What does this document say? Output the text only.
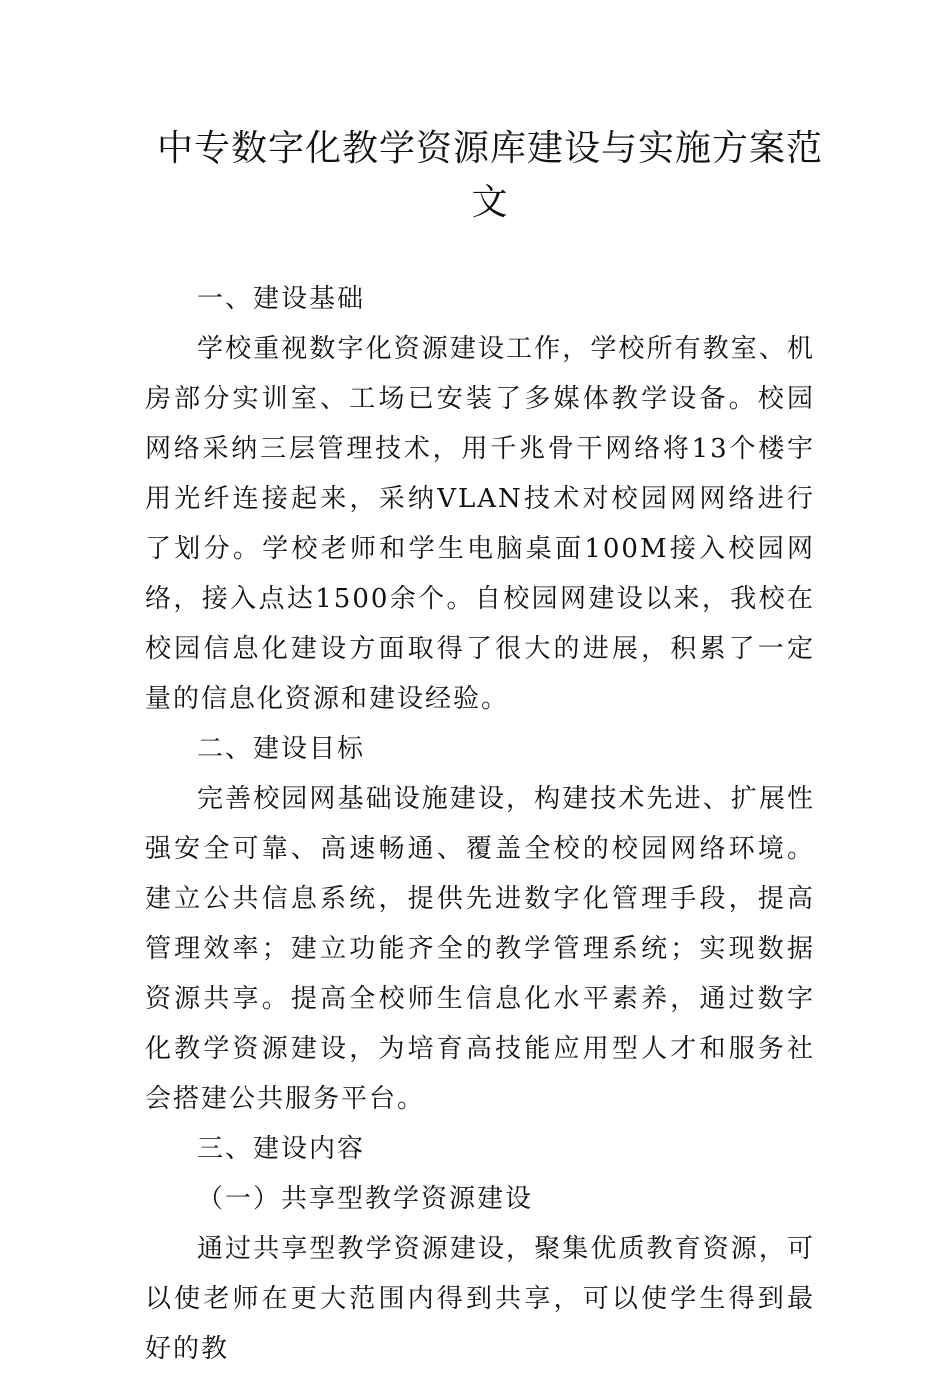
中专数字化教学资源库建设与实施方案范文

一、建设基础

学校重视数字化资源建设工作，学校所有教室、机房部分实训室、工场已安装了多媒体教学设备。校园网络采纳三层管理技术，用千兆骨干网络将13个楼宇用光纤连接起来，采纳VLAN技术对校园网网络进行了划分。学校老师和学生电脑桌面100M接入校园网络，接入点达1500余个。自校园网建设以来，我校在校园信息化建设方面取得了很大的进展，积累了一定量的信息化资源和建设经验。

二、建设目标

完善校园网基础设施建设，构建技术先进、扩展性强安全可靠、高速畅通、覆盖全校的校园网络环境。建立公共信息系统，提供先进数字化管理手段，提高管理效率；建立功能齐全的教学管理系统；实现数据资源共享。提高全校师生信息化水平素养，通过数字化教学资源建设，为培育高技能应用型人才和服务社会搭建公共服务平台。

三、建设内容

（一）共享型教学资源建设

通过共享型教学资源建设，聚集优质教育资源，可以使老师在更大范围内得到共享，可以使学生得到最好的教
